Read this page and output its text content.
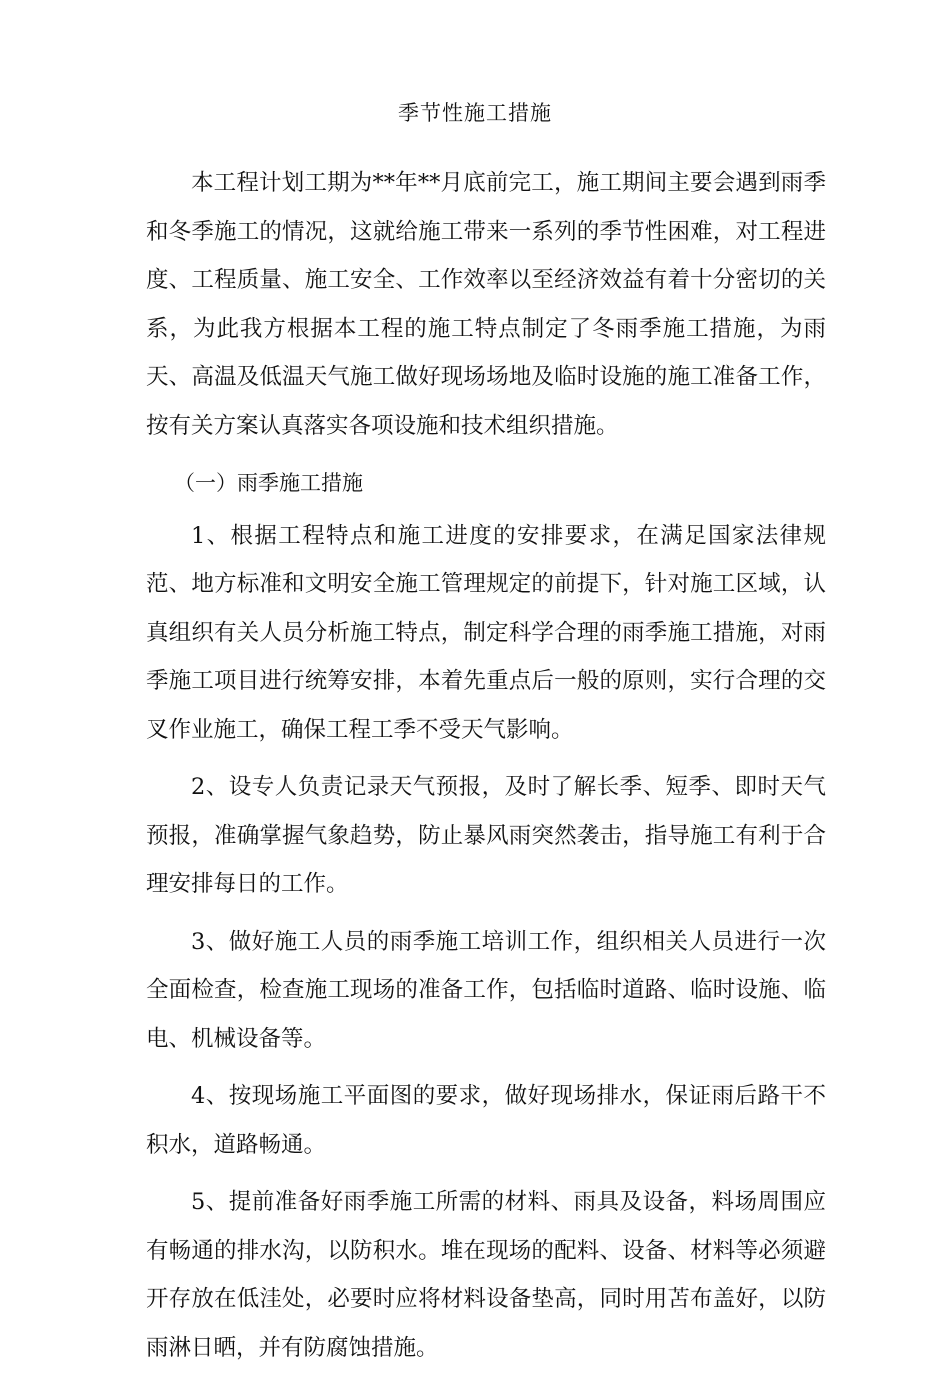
季节性施工措施

本工程计划工期为**年**月底前完工，施工期间主要会遇到雨季和冬季施工的情况，这就给施工带来一系列的季节性困难，对工程进度、工程质量、施工安全、工作效率以至经济效益有着十分密切的关系，为此我方根据本工程的施工特点制定了冬雨季施工措施，为雨天、高温及低温天气施工做好现场场地及临时设施的施工准备工作，按有关方案认真落实各项设施和技术组织措施。

（一）雨季施工措施

1、根据工程特点和施工进度的安排要求，在满足国家法律规范、地方标准和文明安全施工管理规定的前提下，针对施工区域，认真组织有关人员分析施工特点，制定科学合理的雨季施工措施，对雨季施工项目进行统筹安排，本着先重点后一般的原则，实行合理的交叉作业施工，确保工程工季不受天气影响。

2、设专人负责记录天气预报，及时了解长季、短季、即时天气预报，准确掌握气象趋势，防止暴风雨突然袭击，指导施工有利于合理安排每日的工作。

3、做好施工人员的雨季施工培训工作，组织相关人员进行一次全面检查，检查施工现场的准备工作，包括临时道路、临时设施、临电、机械设备等。

4、按现场施工平面图的要求，做好现场排水，保证雨后路干不积水，道路畅通。

5、提前准备好雨季施工所需的材料、雨具及设备，料场周围应有畅通的排水沟，以防积水。堆在现场的配料、设备、材料等必须避开存放在低洼处，必要时应将材料设备垫高，同时用苫布盖好，以防雨淋日晒，并有防腐蚀措施。
